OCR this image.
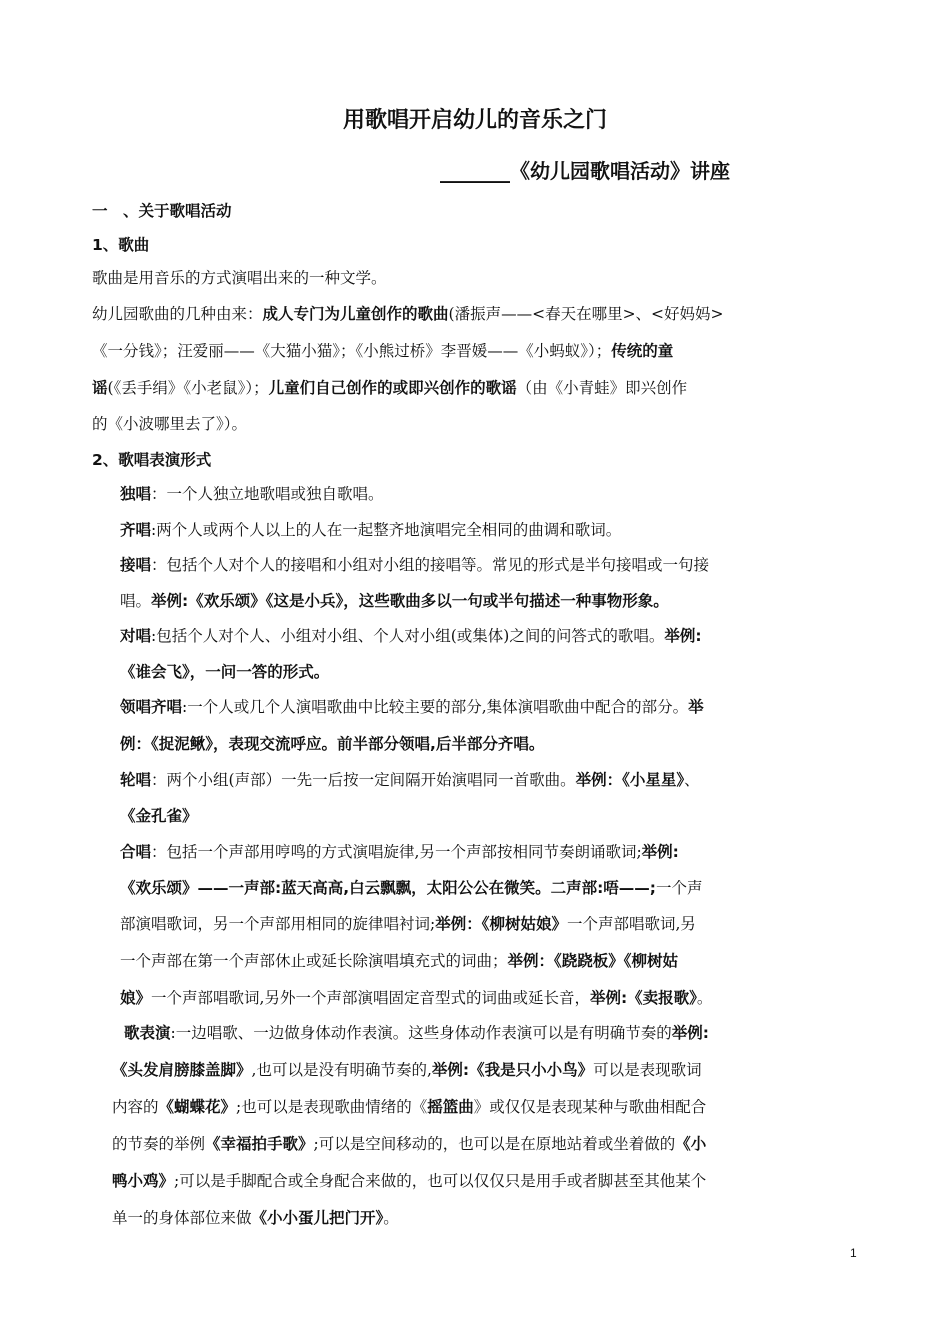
用歌唱开启幼儿的音乐之门
_______《幼儿园歌唱活动》讲座
一　、关于歌唱活动
1、歌曲
歌曲是用音乐的方式演唱出来的一种文学。
幼儿园歌曲的几种由来：成人专门为儿童创作的歌曲(潘振声——<春天在哪里>、<好妈妈>
《一分钱》；汪爱丽——《大猫小猫》；《小熊过桥》李晋媛——《小蚂蚁》）；传统的童
谣(《丢手绢》《小老鼠》）；儿童们自己创作的或即兴创作的歌谣（由《小青蛙》即兴创作
的《小波哪里去了》）。
2、歌唱表演形式
独唱：一个人独立地歌唱或独自歌唱。
齐唱:两个人或两个人以上的人在一起整齐地演唱完全相同的曲调和歌词。
接唱：包括个人对个人的接唱和小组对小组的接唱等。常见的形式是半句接唱或一句接
唱。举例:《欢乐颂》《这是小兵》，这些歌曲多以一句或半句描述一种事物形象。
对唱:包括个人对个人、小组对小组、个人对小组(或集体)之间的问答式的歌唱。举例:
《谁会飞》，一问一答的形式。
领唱齐唱:一个人或几个人演唱歌曲中比较主要的部分,集体演唱歌曲中配合的部分。举
例：《捉泥鳅》，表现交流呼应。前半部分领唱,后半部分齐唱。
轮唱：两个小组(声部）一先一后按一定间隔开始演唱同一首歌曲。举例：《小星星》、
《金孔雀》
合唱：包括一个声部用哼鸣的方式演唱旋律,另一个声部按相同节奏朗诵歌词;举例:
《欢乐颂》——一声部:蓝天高高,白云飘飘，太阳公公在微笑。二声部:唔——;一个声
部演唱歌词，另一个声部用相同的旋律唱衬词;举例：《柳树姑娘》一个声部唱歌词,另
一个声部在第一个声部休止或延长除演唱填充式的词曲；举例：《跷跷板》《柳树姑
娘》一个声部唱歌词,另外一个声部演唱固定音型式的词曲或延长音，举例:《卖报歌》。
歌表演:一边唱歌、一边做身体动作表演。这些身体动作表演可以是有明确节奏的举例:
《头发肩膀膝盖脚》,也可以是没有明确节奏的,举例:《我是只小小鸟》可以是表现歌词
内容的《蝴蝶花》;也可以是表现歌曲情绪的《摇篮曲》或仅仅是表现某种与歌曲相配合
的节奏的举例《幸福拍手歌》;可以是空间移动的，也可以是在原地站着或坐着做的《小
鸭小鸡》;可以是手脚配合或全身配合来做的，也可以仅仅只是用手或者脚甚至其他某个
单一的身体部位来做《小小蛋儿把门开》。
1
